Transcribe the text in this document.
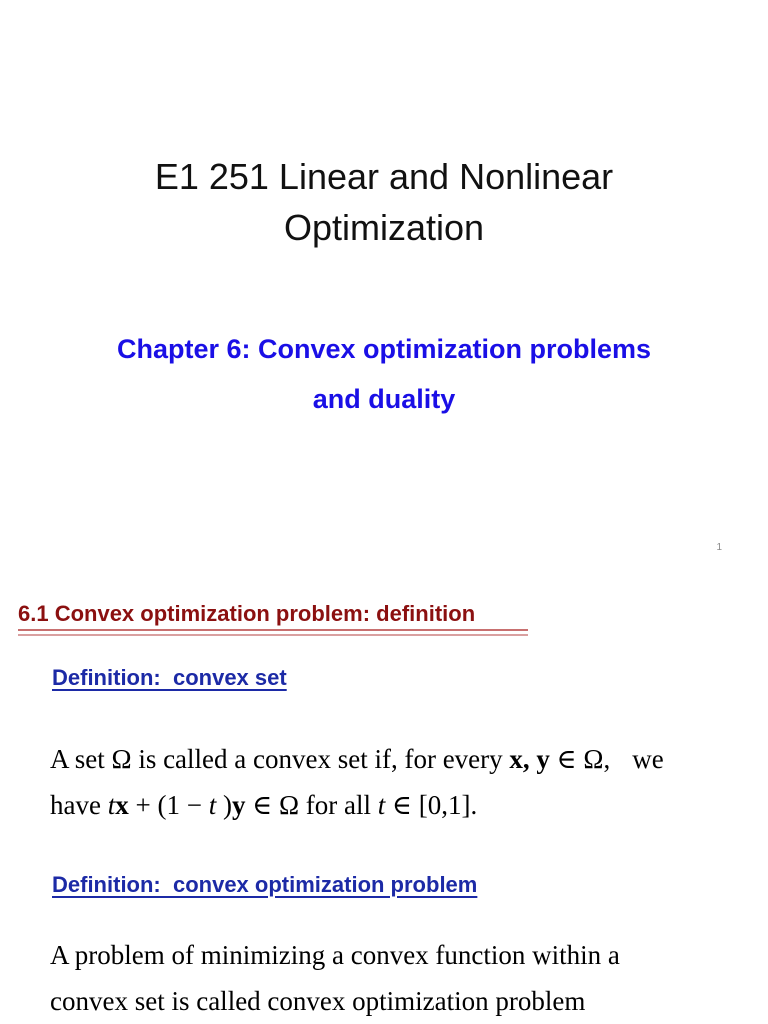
E1 251 Linear and Nonlinear
Optimization
Chapter 6: Convex optimization problems
and duality
1
6.1 Convex optimization problem: definition
Definition:  convex set
A set Ω is called a convex set if, for every x, y ∈ Ω, we
have tx + (1 − t )y ∈ Ω for all t ∈ [0,1].
Definition:  convex optimization problem
A problem of minimizing a convex function within a
convex set is called convex optimization problem
